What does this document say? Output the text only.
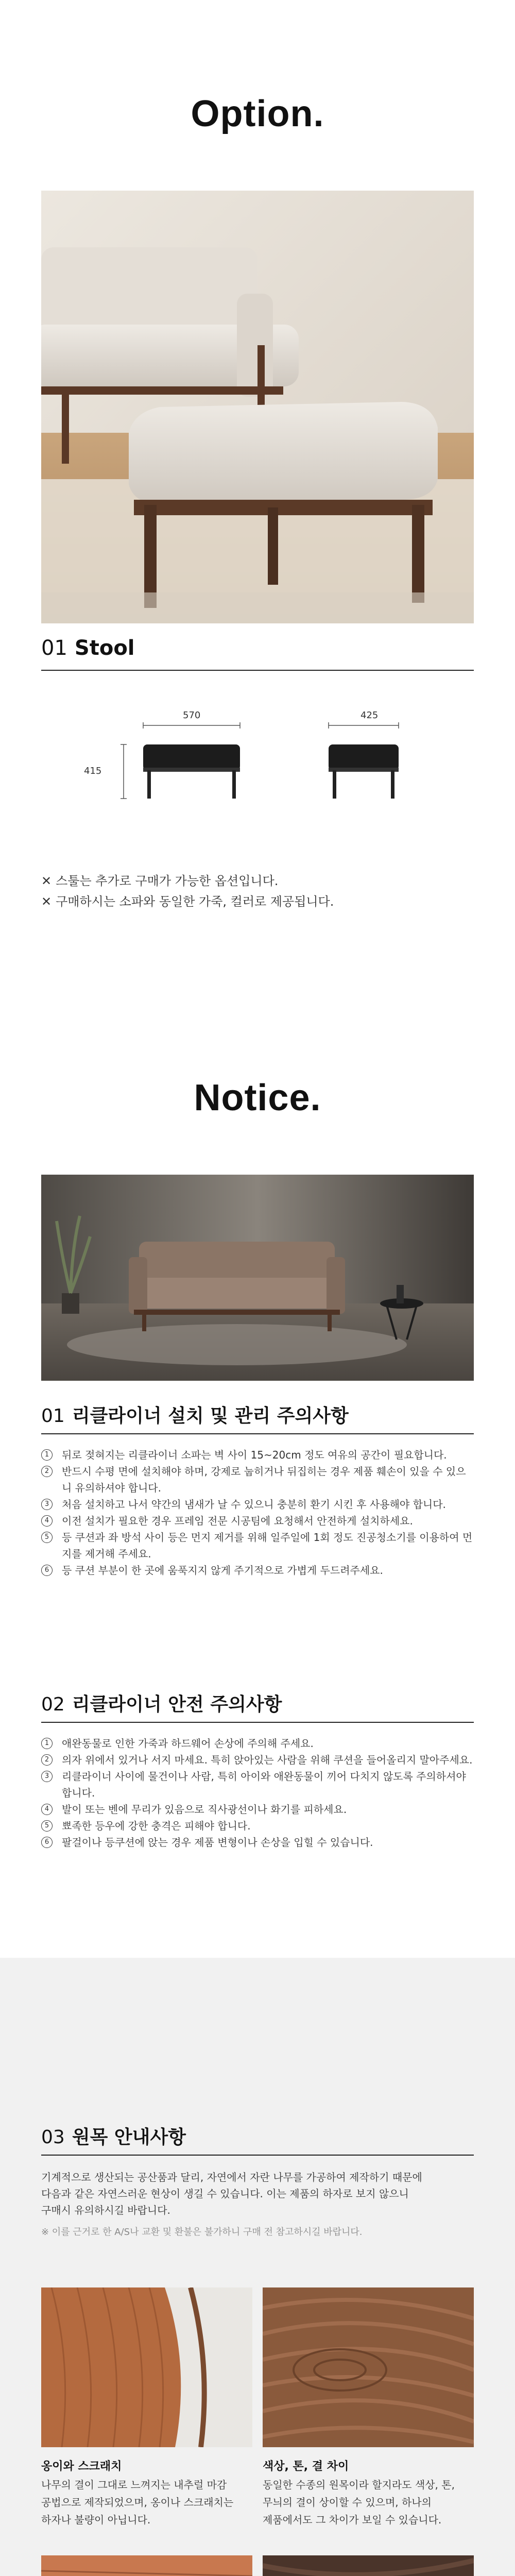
Option.
01 Stool
570	425
415
✕ 스툴는 추가로 구매가 가능한 옵션입니다.
✕ 구매하시는 소파와 동일한 가죽, 컬러로 제공됩니다.
Notice.
01 리클라이너 설치 및 관리 주의사항
1	뒤로 젖혀지는 리클라이너 소파는 벽 사이 15~20cm 정도 여유의 공간이 필요합니다.
2	반드시 수평 면에 설치해야 하며, 강제로 눕히거나 뒤집히는 경우 제품 훼손이 있을 수 있으니 유의하셔야 합니다.
3	처음 설치하고 나서 약간의 냄새가 날 수 있으니 충분히 환기 시킨 후 사용해야 합니다.
4	이전 설치가 필요한 경우 프레임 전문 시공팀에 요청해서 안전하게 설치하세요.
5	등 쿠션과 좌 방석 사이 등은 먼지 제거를 위해 일주일에 1회 정도 진공청소기를 이용하여 먼지를 제거해 주세요.
6	등 쿠션 부분이 한 곳에 움푹지지 않게 주기적으로 가볍게 두드려주세요.
02 리클라이너 안전 주의사항
1	애완동물로 인한 가죽과 하드웨어 손상에 주의해 주세요.
2	의자 위에서 있거나 서지 마세요. 특히 앉아있는 사람을 위해 쿠션을 들어올리지 말아주세요.
3	리클라이너 사이에 물건이나 사람, 특히 아이와 애완동물이 끼어 다치지 않도록 주의하셔야 합니다.
4	발이 또는 벤에 무리가 있음으로 직사광선이나 화기를 피하세요.
5	뾰족한 등우에 강한 충격은 피해야 합니다.
6	팔걸이나 등쿠션에 앉는 경우 제품 변형이나 손상을 입힐 수 있습니다.
03 원목 안내사항
기계적으로 생산되는 공산품과 달리, 자연에서 자란 나무를 가공하여 제작하기 때문에
다음과 같은 자연스러운 현상이 생길 수 있습니다. 이는 제품의 하자로 보지 않으니
구매시 유의하시길 바랍니다.
※ 이를 근거로 한 A/S나 교환 및 환불은 불가하니 구매 전 참고하시길 바랍니다.
옹이와 스크래치
나무의 결이 그대로 느껴지는 내추럴 마감
공법으로 제작되었으며, 옹이나 스크래치는
하자나 불량이 아닙니다.
색상, 톤, 결 차이
동일한 수종의 원목이라 할지라도 색상, 톤,
무늬의 결이 상이할 수 있으며, 하나의
제품에서도 그 차이가 보일 수 있습니다.
